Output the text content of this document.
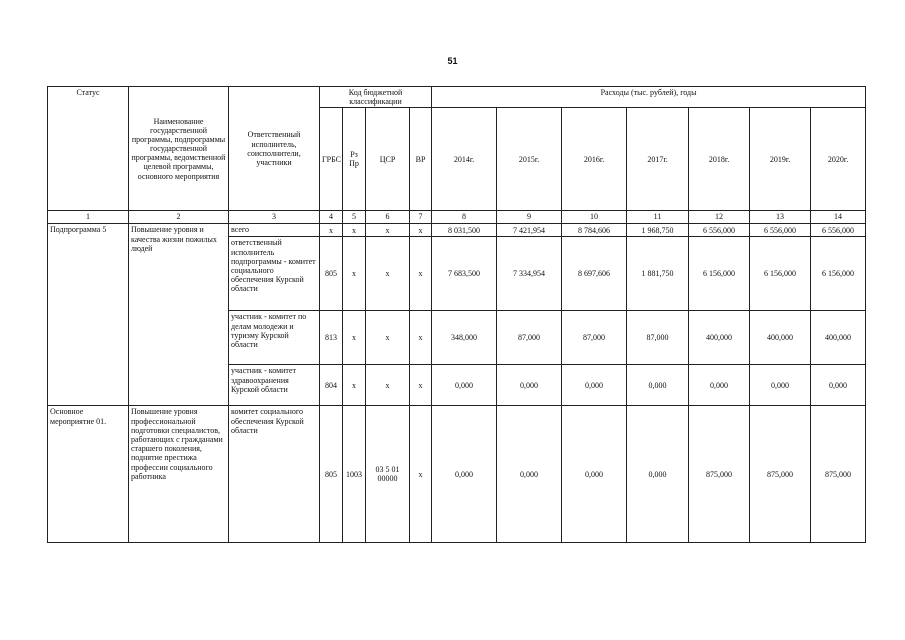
51
Статус	Наименование государственной программы, подпрограммы государственной программы, ведомственной целевой программы, основного мероприятия	Ответственный исполнитель, соисполнители, участники	Код бюджетной классификации				Расходы (тыс. рублей), годы						
			ГРБС	Рз Пр	ЦСР	ВР	2014г.	2015г.	2016г.	2017г.	2018г.	2019г.	2020г.
1	2	3	4	5	6	7	8	9	10	11	12	13	14
Подпрограмма 5	Повышение уровня и качества жизни пожилых людей	всего	x	x	x	x	8 031,500	7 421,954	8 784,606	1 968,750	6 556,000	6 556,000	6 556,000
		ответственный исполнитель подпрограммы - комитет социального обеспечения Курской области	805	x	x	x	7 683,500	7 334,954	8 697,606	1 881,750	6 156,000	6 156,000	6 156,000
		участник - комитет по делам молодежи и туризму Курской области	813	x	x	x	348,000	87,000	87,000	87,000	400,000	400,000	400,000
		участник - комитет здравоохранения Курской области	804	x	x	x	0,000	0,000	0,000	0,000	0,000	0,000	0,000
Основное мероприятие 01.	Повышение уровня профессиональной подготовки специалистов, работающих с гражданами старшего поколения, поднятие престижа профессии социального работника	комитет социального обеспечения Курской области	805	1003	03 5 01 00000	x	0,000	0,000	0,000	0,000	875,000	875,000	875,000
